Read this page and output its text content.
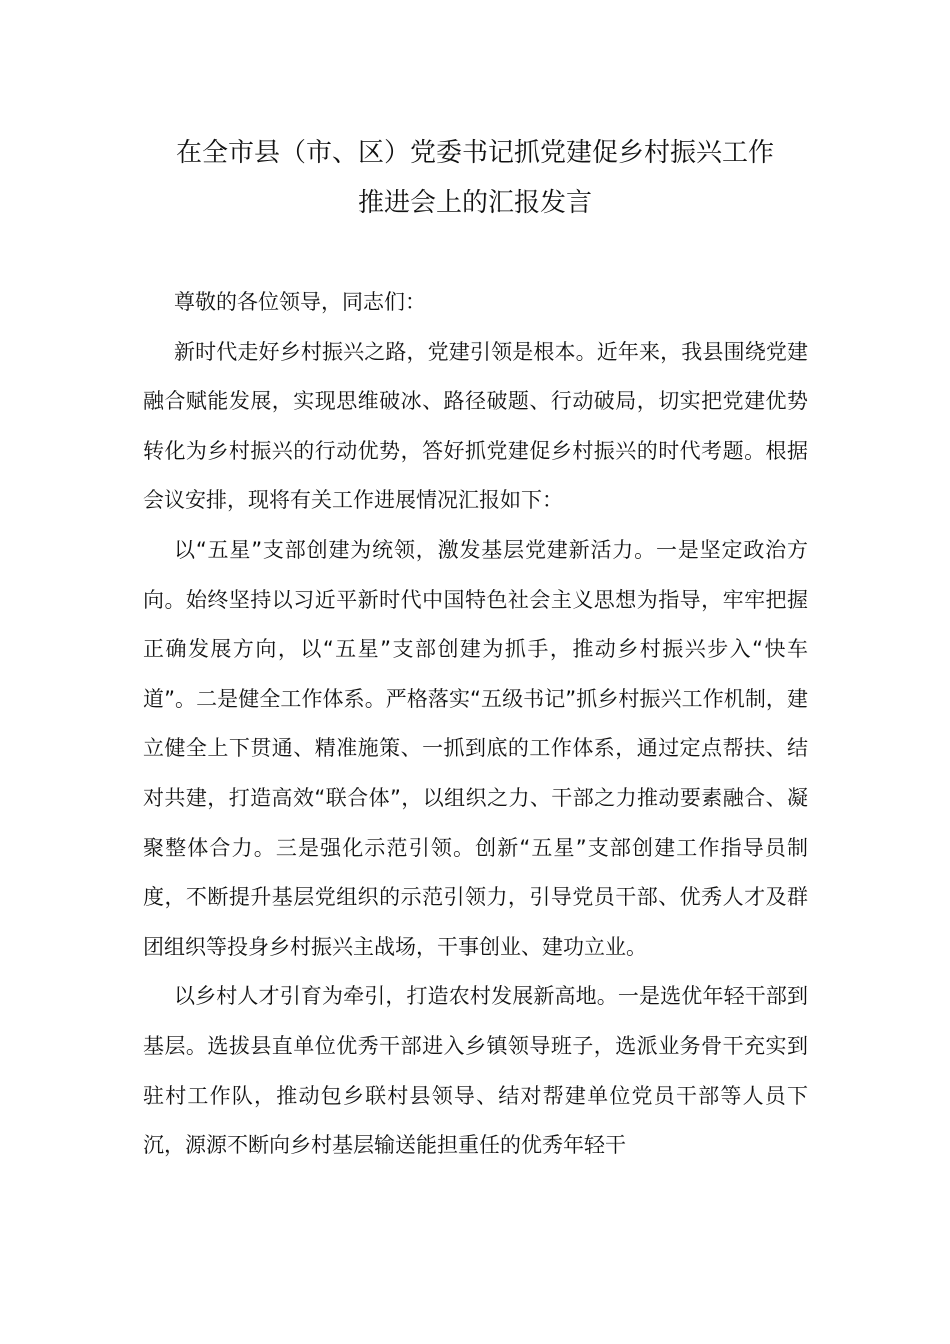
在全市县（市、区）党委书记抓党建促乡村振兴工作
推进会上的汇报发言

尊敬的各位领导，同志们：

新时代走好乡村振兴之路，党建引领是根本。近年来，我县围绕党建融合赋能发展，实现思维破冰、路径破题、行动破局，切实把党建优势转化为乡村振兴的行动优势，答好抓党建促乡村振兴的时代考题。根据会议安排，现将有关工作进展情况汇报如下：

以“五星”支部创建为统领，激发基层党建新活力。一是坚定政治方向。始终坚持以习近平新时代中国特色社会主义思想为指导，牢牢把握正确发展方向，以“五星”支部创建为抓手，推动乡村振兴步入“快车道”。二是健全工作体系。严格落实“五级书记”抓乡村振兴工作机制，建立健全上下贯通、精准施策、一抓到底的工作体系，通过定点帮扶、结对共建，打造高效“联合体”，以组织之力、干部之力推动要素融合、凝聚整体合力。三是强化示范引领。创新“五星”支部创建工作指导员制度，不断提升基层党组织的示范引领力，引导党员干部、优秀人才及群团组织等投身乡村振兴主战场，干事创业、建功立业。

以乡村人才引育为牵引，打造农村发展新高地。一是选优年轻干部到基层。选拔县直单位优秀干部进入乡镇领导班子，选派业务骨干充实到驻村工作队，推动包乡联村县领导、结对帮建单位党员干部等人员下沉，源源不断向乡村基层输送能担重任的优秀年轻干
